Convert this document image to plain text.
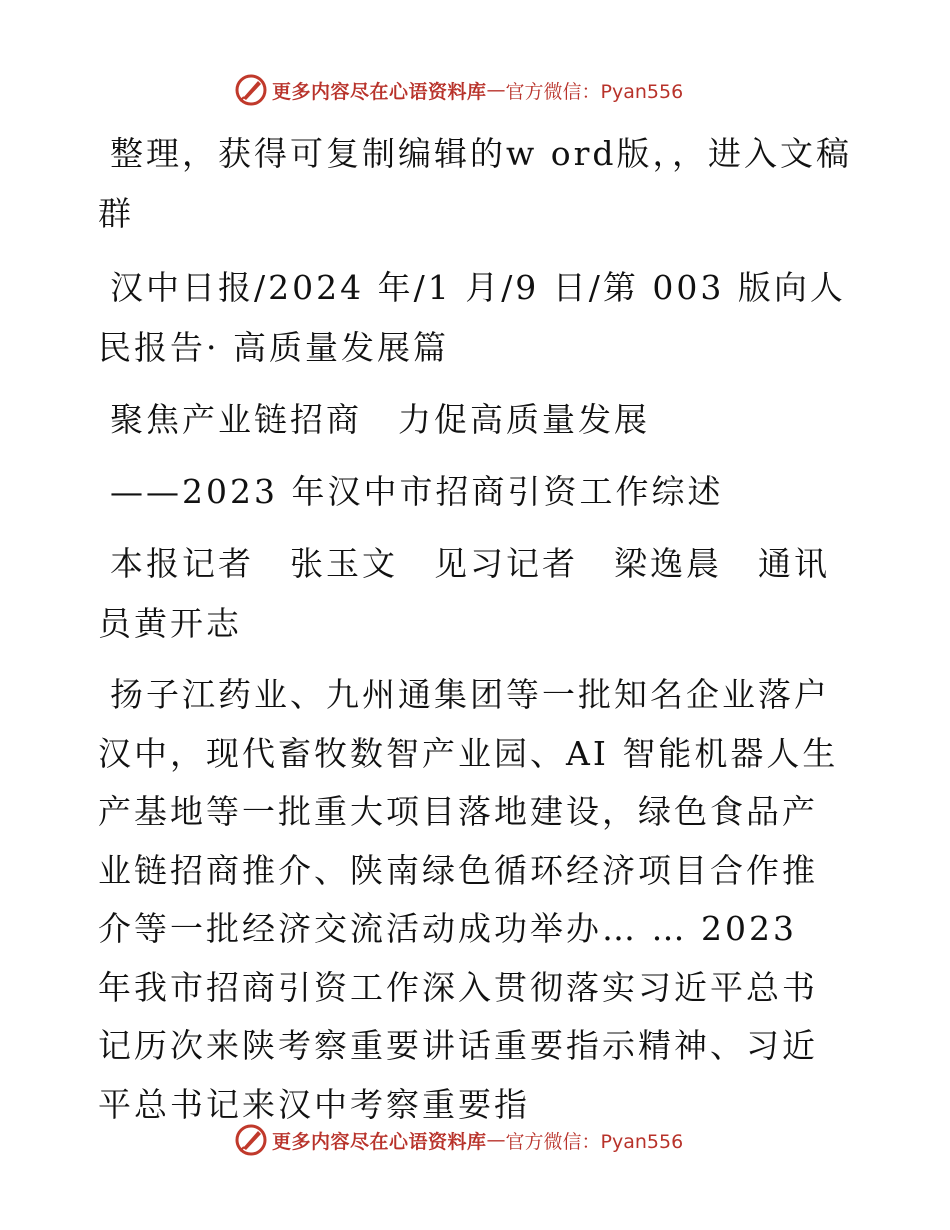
更多内容尽在心语资料库 — 官方微信：Pyan556

整理，获得可复制编辑的w ord版，，进入文稿群

汉中日报/2024 年/1 月/9 日/第 003 版向人民报告· 高质量发展篇

聚焦产业链招商　力促高质量发展

——2023 年汉中市招商引资工作综述

本报记者　张玉文　见习记者　梁逸晨　通讯员黄开志

扬子江药业、九州通集团等一批知名企业落户汉中，现代畜牧数智产业园、AI 智能机器人生产基地等一批重大项目落地建设，绿色食品产业链招商推介、陕南绿色循环经济项目合作推介等一批经济交流活动成功举办… … 2023　年我市招商引资工作深入贯彻落实习近平总书记历次来陕考察重要讲话重要指示精神、习近平总书记来汉中考察重要指

更多内容尽在心语资料库 — 官方微信：Pyan556
